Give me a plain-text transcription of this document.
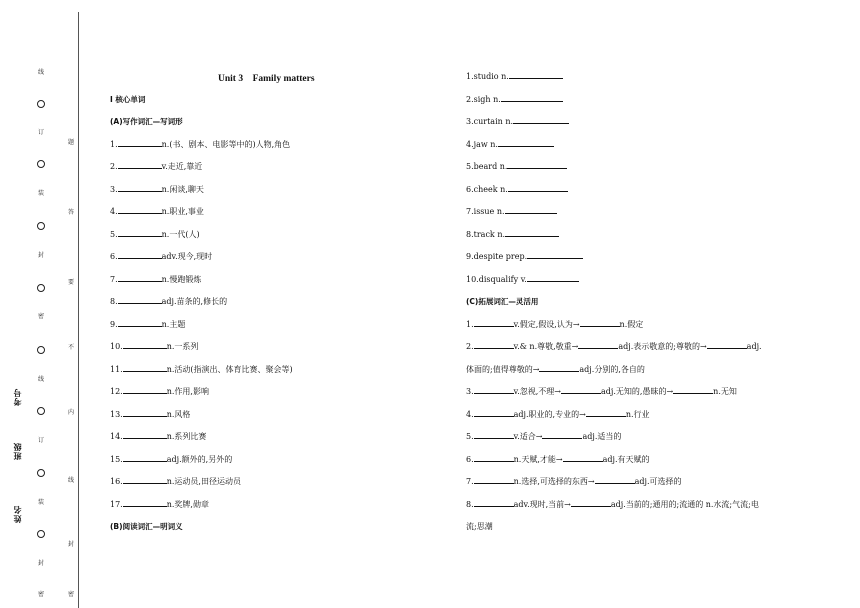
考号
班级
姓名
线
订
装
封
密
线
订
装
封
密
题
答
要
不
内
线
封
密
Unit 3　Family matters
Ⅰ 核心单词
(A)写作词汇—写词形
1.	n.(书、剧本、电影等中的)人物,角色
2.	v.走近,靠近
3.	n.闲谈,聊天
4.	n.职业,事业
5.	n.一代(人)
6.	adv.现今,现时
7.	n.慢跑锻炼
8.	adj.苗条的,修长的
9.	n.主题
10.	n.一系列
11.	n.活动(指演出、体育比赛、聚会等)
12.	n.作用,影响
13.	n.风格
14.	n.系列比赛
15.	adj.额外的,另外的
16.	n.运动员,田径运动员
17.	n.奖牌,勋章
(B)阅读词汇—明词义
1.studio n.
2.sigh n.
3.curtain n.
4.jaw n.
5.beard n.
6.cheek n.
7.issue n.
8.track n.
9.despite prep.
10.disqualify v.
(C)拓展词汇—灵活用
1.	v.假定,假设,认为→	n.假定
2.	v.& n.尊敬,敬重→	adj.表示敬意的;尊敬的→	adj.
体面的;值得尊敬的→	adj.分别的,各自的
3.	v.忽视,不理→	adj.无知的,愚昧的→	n.无知
4.	adj.职业的,专业的→	n.行业
5.	v.适合→	adj.适当的
6.	n.天赋,才能→	adj.有天赋的
7.	n.选择,可选择的东西→	adj.可选择的
8.	adv.现时,当前→	adj.当前的;通用的;流通的 n.水流;气流;电
流;思潮
